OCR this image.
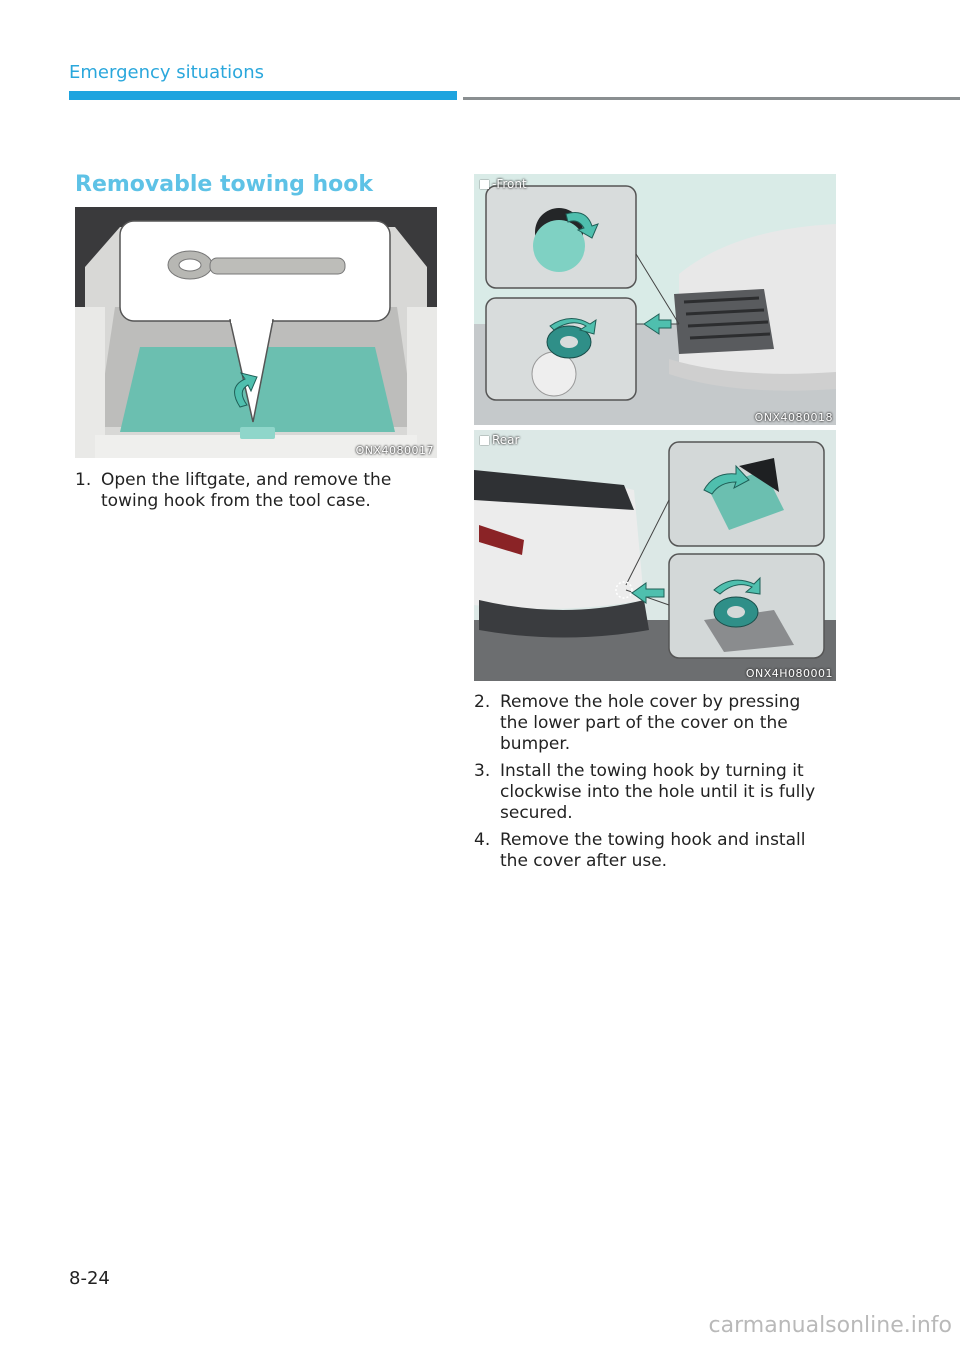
Emergency situations
Removable towing hook
ONX4080017
1. Open the liftgate, and remove the
towing hook from the tool case.
-Front
ONX4080018
Rear
ONX4H080001
2. Remove the hole cover by pressing
the lower part of the cover on the
bumper.
3. Install the towing hook by turning it
clockwise into the hole until it is fully
secured.
4. Remove the towing hook and install
the cover after use.
8-24
carmanualsonline.info
